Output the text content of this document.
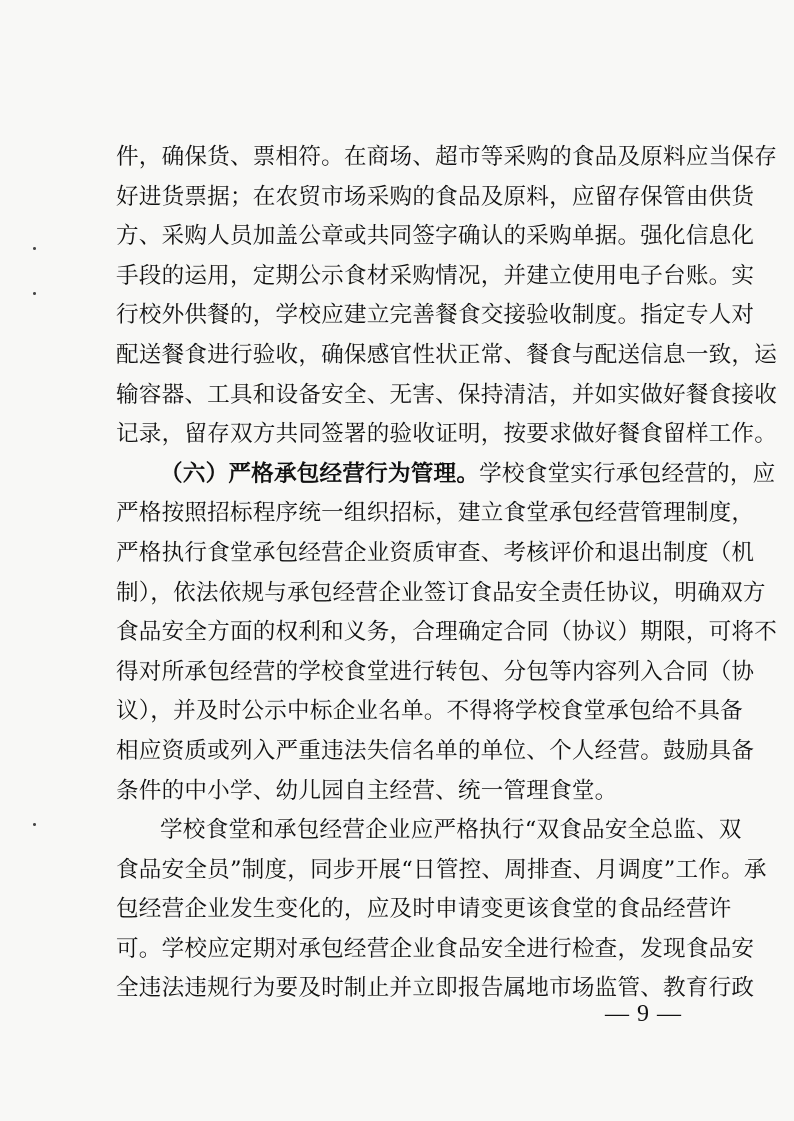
件，确保货、票相符。在商场、超市等采购的食品及原料应当保存
好进货票据；在农贸市场采购的食品及原料，应留存保管由供货
方、采购人员加盖公章或共同签字确认的采购单据。强化信息化
手段的运用，定期公示食材采购情况，并建立使用电子台账。实
行校外供餐的，学校应建立完善餐食交接验收制度。指定专人对
配送餐食进行验收，确保感官性状正常、餐食与配送信息一致，运
输容器、工具和设备安全、无害、保持清洁，并如实做好餐食接收
记录，留存双方共同签署的验收证明，按要求做好餐食留样工作。
（六）严格承包经营行为管理。学校食堂实行承包经营的，应
严格按照招标程序统一组织招标，建立食堂承包经营管理制度，
严格执行食堂承包经营企业资质审查、考核评价和退出制度（机
制），依法依规与承包经营企业签订食品安全责任协议，明确双方
食品安全方面的权利和义务，合理确定合同（协议）期限，可将不
得对所承包经营的学校食堂进行转包、分包等内容列入合同（协
议），并及时公示中标企业名单。不得将学校食堂承包给不具备
相应资质或列入严重违法失信名单的单位、个人经营。鼓励具备
条件的中小学、幼儿园自主经营、统一管理食堂。
学校食堂和承包经营企业应严格执行“双食品安全总监、双
食品安全员”制度，同步开展“日管控、周排查、月调度”工作。承
包经营企业发生变化的，应及时申请变更该食堂的食品经营许
可。学校应定期对承包经营企业食品安全进行检查，发现食品安
全违法违规行为要及时制止并立即报告属地市场监管、教育行政
— 9 —
